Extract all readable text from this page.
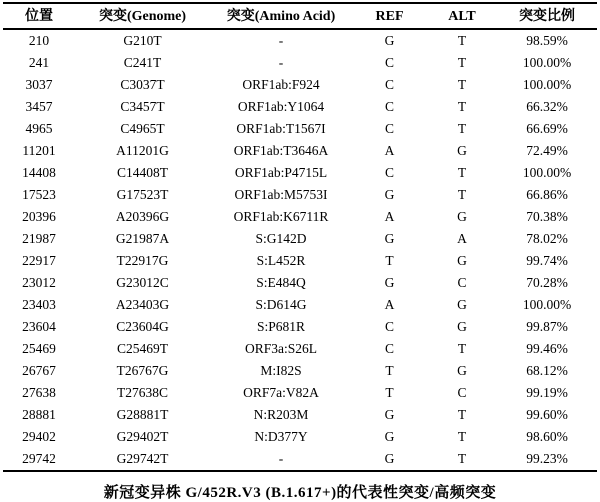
位置	突变(Genome)	突变(Amino Acid)	REF	ALT	突变比例
210	G210T	-	G	T	98.59%
241	C241T	-	C	T	100.00%
3037	C3037T	ORF1ab:F924	C	T	100.00%
3457	C3457T	ORF1ab:Y1064	C	T	66.32%
4965	C4965T	ORF1ab:T1567I	C	T	66.69%
11201	A11201G	ORF1ab:T3646A	A	G	72.49%
14408	C14408T	ORF1ab:P4715L	C	T	100.00%
17523	G17523T	ORF1ab:M5753I	G	T	66.86%
20396	A20396G	ORF1ab:K6711R	A	G	70.38%
21987	G21987A	S:G142D	G	A	78.02%
22917	T22917G	S:L452R	T	G	99.74%
23012	G23012C	S:E484Q	G	C	70.28%
23403	A23403G	S:D614G	A	G	100.00%
23604	C23604G	S:P681R	C	G	99.87%
25469	C25469T	ORF3a:S26L	C	T	99.46%
26767	T26767G	M:I82S	T	G	68.12%
27638	T27638C	ORF7a:V82A	T	C	99.19%
28881	G28881T	N:R203M	G	T	99.60%
29402	G29402T	N:D377Y	G	T	98.60%
29742	G29742T	-	G	T	99.23%
新冠变异株 G/452R.V3 (B.1.617+)的代表性突变/高频突变
